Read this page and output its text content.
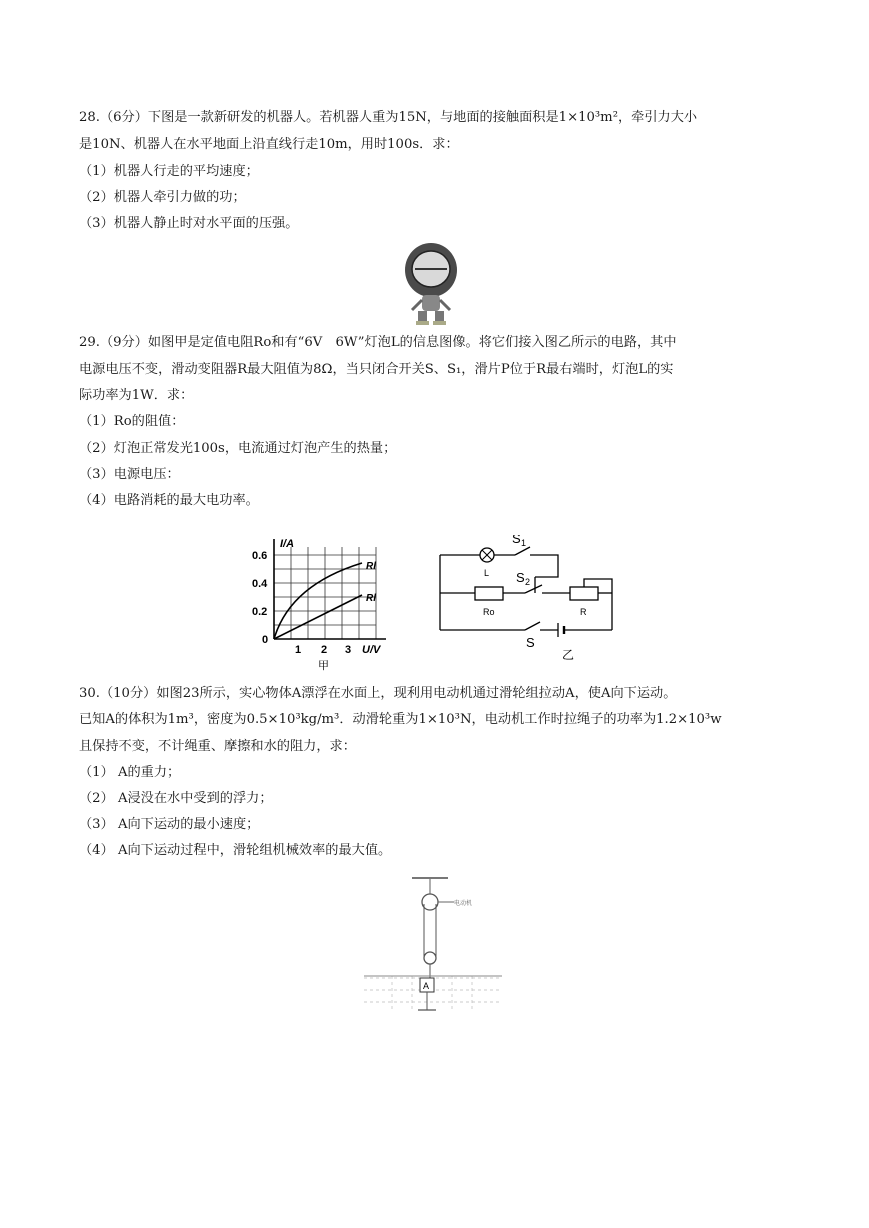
28.（6分）下图是一款新研发的机器人。若机器人重为15N，与地面的接触面积是1×10³m²，牵引力大小
是10N、机器人在水平地面上沿直线行走10m，用时100s．求：
（1）机器人行走的平均速度；
（2）机器人牵引力做的功；
（3）机器人静止时对水平面的压强。
29.（9分）如图甲是定值电阻Ro和有“6V　6W”灯泡L的信息图像。将它们接入图乙所示的电路，其中
电源电压不变，滑动变阻器R最大阻值为8Ω，当只闭合开关S、S₁，滑片P位于R最右端时，灯泡L的实
际功率为1W．求：
（1）Ro的阻值：
（2）灯泡正常发光100s，电流通过灯泡产生的热量；
（3）电源电压：
（4）电路消耗的最大电功率。
I/A
0.6
0.4
0.2
0
1 2 3 U/V
Rl
Rl
甲
S 1
L S 2
Ro	R
S
乙
30.（10分）如图23所示，实心物体A漂浮在水面上，现利用电动机通过滑轮组拉动A，使A向下运动。
已知A的体积为1m³，密度为0.5×10³kg/m³．动滑轮重为1×10³N，电动机工作时拉绳子的功率为1.2×10³w
且保持不变，不计绳重、摩擦和水的阻力，求：
（1） A的重力；
（2） A浸没在水中受到的浮力；
（3） A向下运动的最小速度；
（4） A向下运动过程中，滑轮组机械效率的最大值。
电动机
A
